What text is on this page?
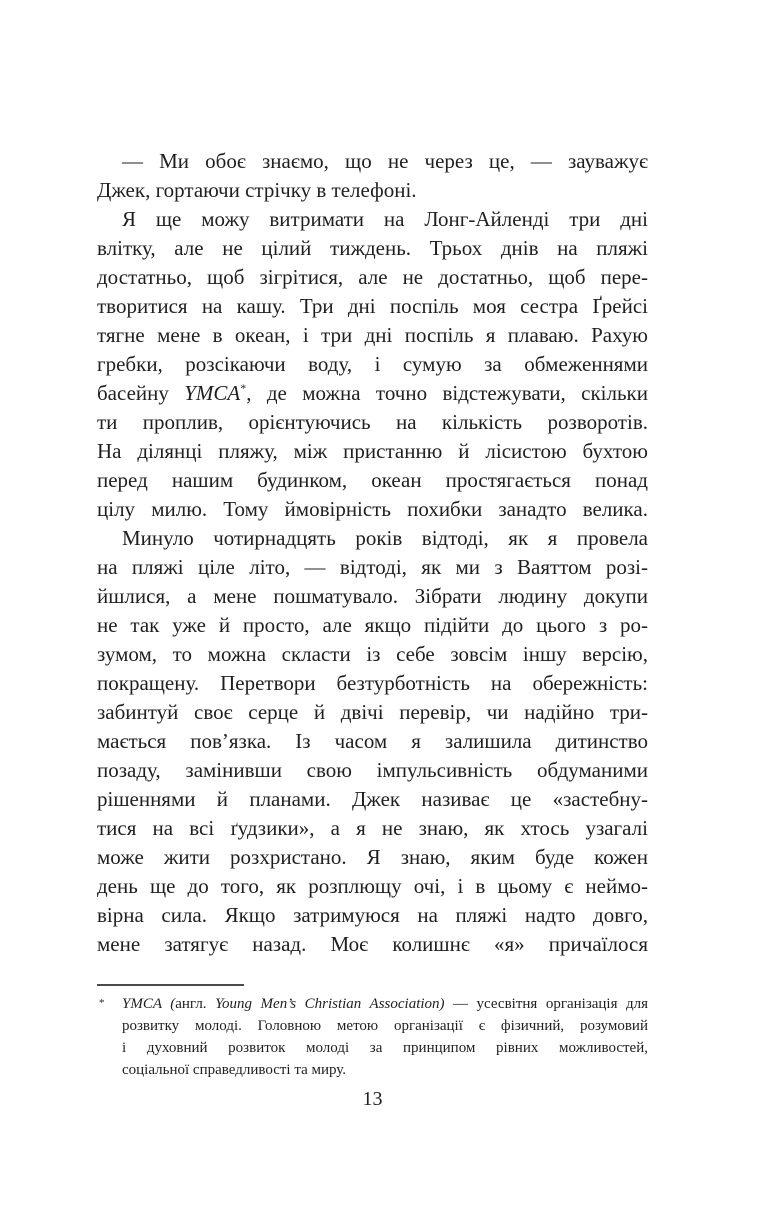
— Ми обоє знаємо, що не через це, — зауважує
Джек, гортаючи стрічку в телефоні.
Я ще можу витримати на Лонг-Айленді три дні
влітку, але не цілий тиждень. Трьох днів на пляжі
достатньо, щоб зігрітися, але не достатньо, щоб пере-
творитися на кашу. Три дні поспіль моя сестра Ґрейсі
тягне мене в океан, і три дні поспіль я плаваю. Рахую
гребки, розсікаючи воду, і сумую за обмеженнями
басейну YMCA*, де можна точно відстежувати, скільки
ти проплив, орієнтуючись на кількість розворотів.
На ділянці пляжу, між пристанню й лісистою бухтою
перед нашим будинком, океан простягається понад
цілу милю. Тому ймовірність похибки занадто велика.
Минуло чотирнадцять років відтоді, як я провела
на пляжі ціле літо, — відтоді, як ми з Ваяттом розі-
йшлися, а мене пошматувало. Зібрати людину докупи
не так уже й просто, але якщо підійти до цього з ро-
зумом, то можна скласти із себе зовсім іншу версію,
покращену. Перетвори безтурботність на обережність:
забинтуй своє серце й двічі перевір, чи надійно три-
мається пов’язка. Із часом я залишила дитинство
позаду, замінивши свою імпульсивність обдуманими
рішеннями й планами. Джек називає це «застебну-
тися на всі ґудзики», а я не знаю, як хтось узагалі
може жити розхристано. Я знаю, яким буде кожен
день ще до того, як розплющу очі, і в цьому є неймо-
вірна сила. Якщо затримуюся на пляжі надто довго,
мене затягує назад. Моє колишнє «я» причаїлося
* YMCA (англ. Young Men’s Christian Association) — усесвітня організація для
розвитку молоді. Головною метою організації є фізичний, розумовий
і духовний розвиток молоді за принципом рівних можливостей,
соціальної справедливості та миру.
13
